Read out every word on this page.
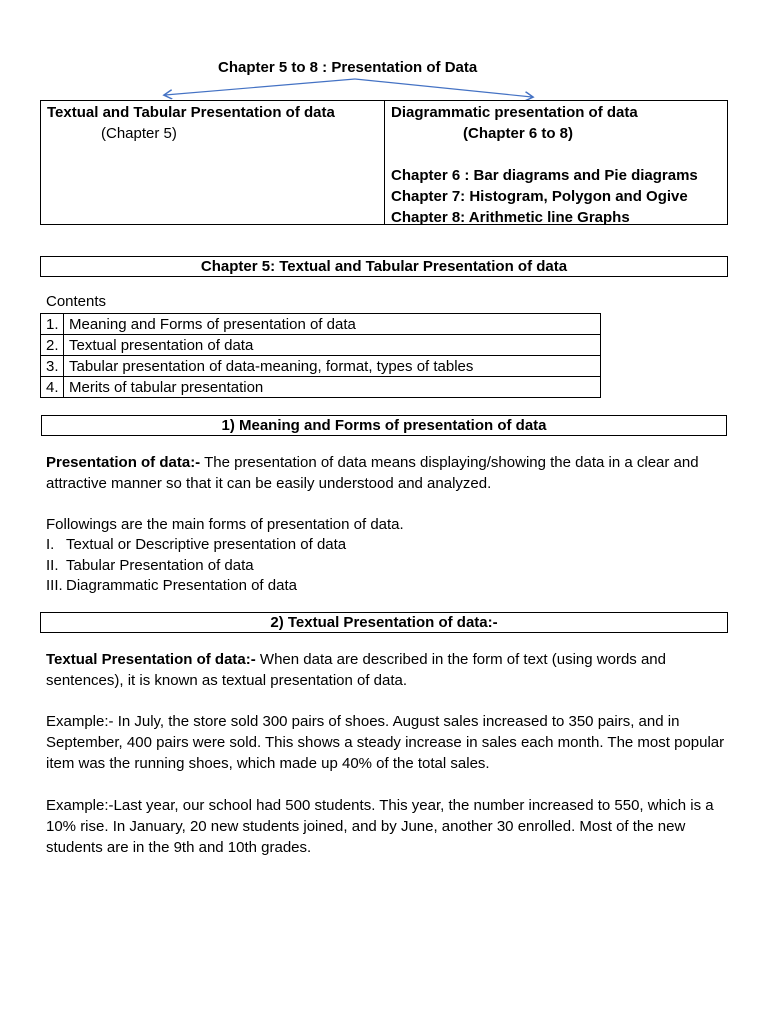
Chapter 5 to 8 : Presentation of Data
Textual and Tabular Presentation of data
(Chapter 5)
Diagrammatic presentation of data
(Chapter 6 to 8)
Chapter 6 : Bar diagrams and Pie diagrams
Chapter 7: Histogram, Polygon and Ogive
Chapter 8: Arithmetic line Graphs
Chapter 5: Textual and Tabular Presentation of data
Contents
1.	Meaning and Forms of presentation of data
2.	Textual presentation of data
3.	Tabular presentation of data-meaning, format, types of tables
4.	Merits of tabular presentation
1) Meaning and Forms of presentation of data
Presentation of data:- The presentation of data means displaying/showing the data in a clear and attractive manner so that it can be easily understood and analyzed.
Followings are the main forms of presentation of data.
I. Textual or Descriptive presentation of data
II. Tabular Presentation of data
III. Diagrammatic Presentation of data
2) Textual Presentation of data:-
Textual Presentation of data:- When data are described in the form of text (using words and sentences), it is known as textual presentation of data.
Example:- In July, the store sold 300 pairs of shoes. August sales increased to 350 pairs, and in September, 400 pairs were sold. This shows a steady increase in sales each month. The most popular item was the running shoes, which made up 40% of the total sales.
Example:-Last year, our school had 500 students. This year, the number increased to 550, which is a 10% rise. In January, 20 new students joined, and by June, another 30 enrolled. Most of the new students are in the 9th and 10th grades.
